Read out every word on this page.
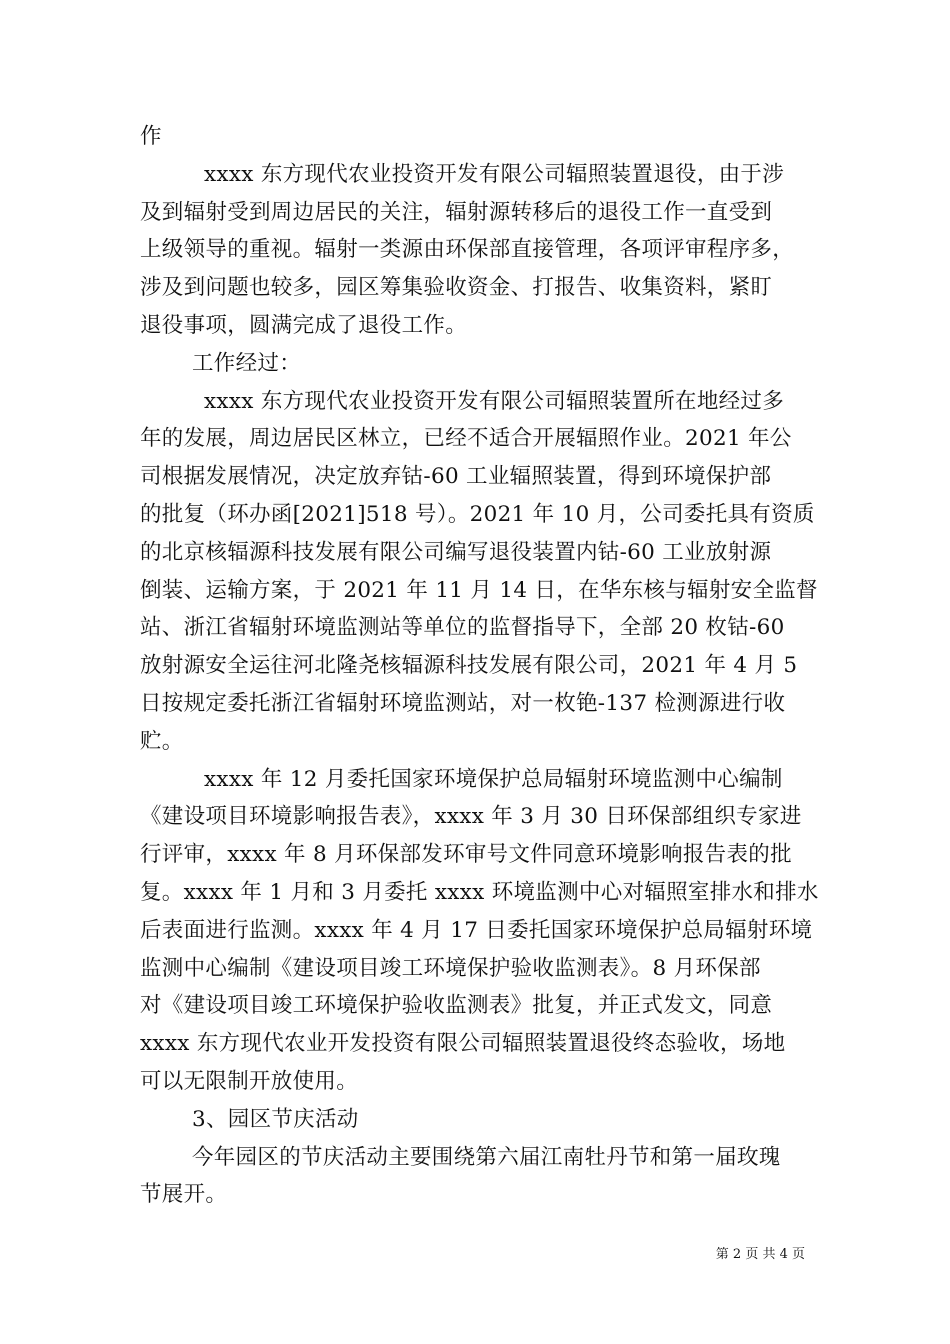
作
xxxx 东方现代农业投资开发有限公司辐照装置退役，由于涉
及到辐射受到周边居民的关注，辐射源转移后的退役工作一直受到
上级领导的重视。辐射一类源由环保部直接管理，各项评审程序多，
涉及到问题也较多，园区筹集验收资金、打报告、收集资料，紧盯
退役事项，圆满完成了退役工作。
工作经过：
xxxx 东方现代农业投资开发有限公司辐照装置所在地经过多
年的发展，周边居民区林立，已经不适合开展辐照作业。2021 年公
司根据发展情况，决定放弃钴-60 工业辐照装置，得到环境保护部
的批复（环办函[2021]518 号）。2021 年 10 月，公司委托具有资质
的北京核辐源科技发展有限公司编写退役装置内钴-60 工业放射源
倒装、运输方案，于 2021 年 11 月 14 日，在华东核与辐射安全监督
站、浙江省辐射环境监测站等单位的监督指导下，全部 20 枚钴-60
放射源安全运往河北隆尧核辐源科技发展有限公司，2021 年 4 月 5
日按规定委托浙江省辐射环境监测站，对一枚铯-137 检测源进行收
贮。
xxxx 年 12 月委托国家环境保护总局辐射环境监测中心编制
《建设项目环境影响报告表》，xxxx 年 3 月 30 日环保部组织专家进
行评审，xxxx 年 8 月环保部发环审号文件同意环境影响报告表的批
复。xxxx 年 1 月和 3 月委托 xxxx 环境监测中心对辐照室排水和排水
后表面进行监测。xxxx 年 4 月 17 日委托国家环境保护总局辐射环境
监测中心编制《建设项目竣工环境保护验收监测表》。8 月环保部
对《建设项目竣工环境保护验收监测表》批复，并正式发文，同意
xxxx 东方现代农业开发投资有限公司辐照装置退役终态验收，场地
可以无限制开放使用。
3、园区节庆活动
今年园区的节庆活动主要围绕第六届江南牡丹节和第一届玫瑰
节展开。
第 2 页 共 4 页
